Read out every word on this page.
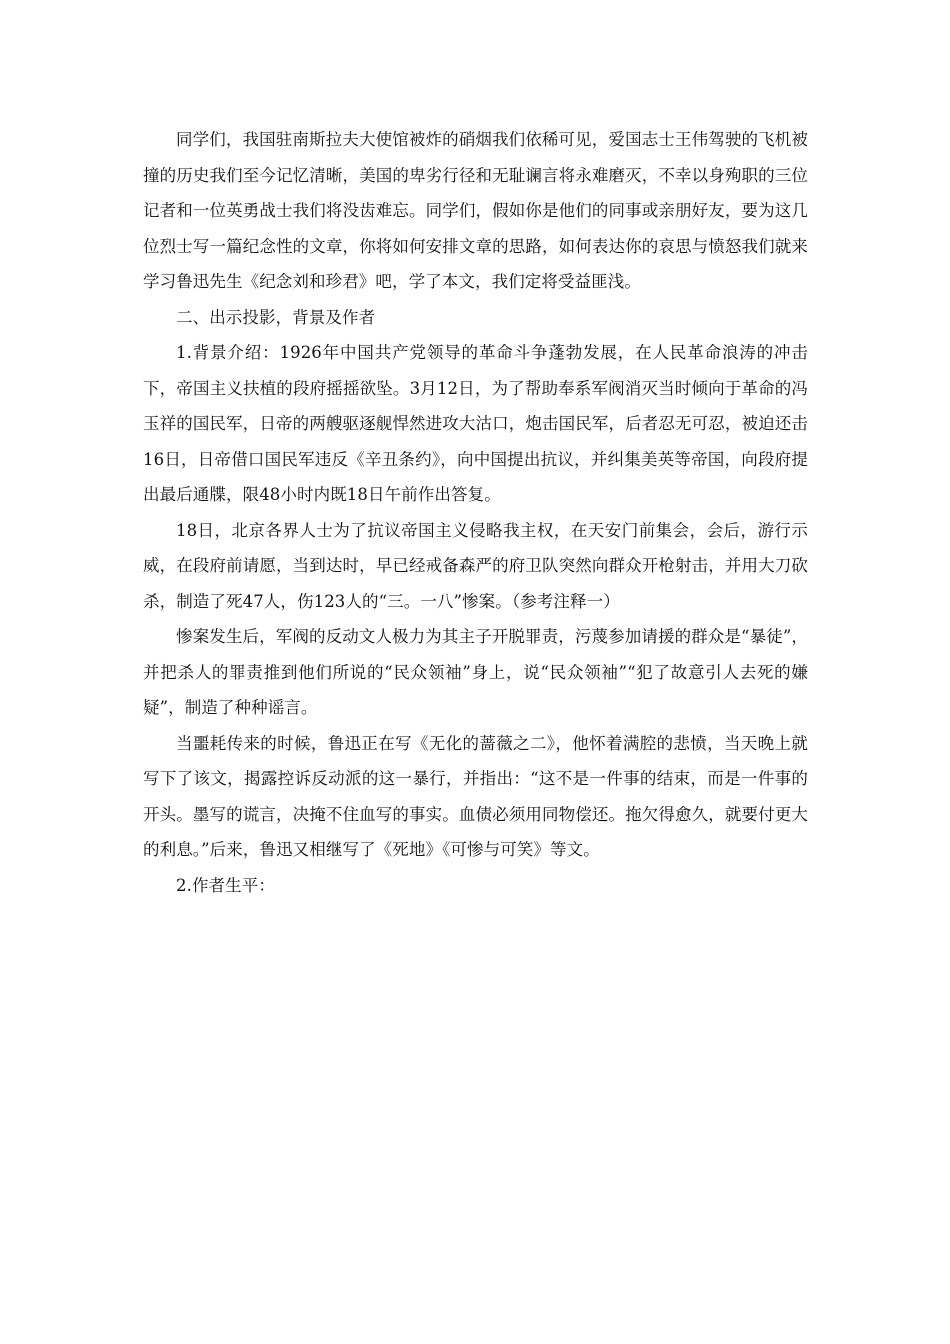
同学们，我国驻南斯拉夫大使馆被炸的硝烟我们依稀可见，爱国志士王伟驾驶的飞机被撞的历史我们至今记忆清晰，美国的卑劣行径和无耻谰言将永难磨灭，不幸以身殉职的三位记者和一位英勇战士我们将没齿难忘。同学们，假如你是他们的同事或亲朋好友，要为这几位烈士写一篇纪念性的文章，你将如何安排文章的思路，如何表达你的哀思与愤怒我们就来学习鲁迅先生《纪念刘和珍君》吧，学了本文，我们定将受益匪浅。

二、出示投影，背景及作者

1.背景介绍：1926年中国共产党领导的革命斗争蓬勃发展，在人民革命浪涛的冲击下，帝国主义扶植的段府摇摇欲坠。3月12日，为了帮助奉系军阀消灭当时倾向于革命的冯玉祥的国民军，日帝的两艘驱逐舰悍然进攻大沽口，炮击国民军，后者忍无可忍，被迫还击16日，日帝借口国民军违反《辛丑条约》，向中国提出抗议，并纠集美英等帝国，向段府提出最后通牒，限48小时内既18日午前作出答复。

18日，北京各界人士为了抗议帝国主义侵略我主权，在天安门前集会，会后，游行示威，在段府前请愿，当到达时，早已经戒备森严的府卫队突然向群众开枪射击，并用大刀砍杀，制造了死47人，伤123人的“三。一八”惨案。（参考注释一）

惨案发生后，军阀的反动文人极力为其主子开脱罪责，污蔑参加请援的群众是“暴徒”，并把杀人的罪责推到他们所说的“民众领袖”身上，说“民众领袖”“犯了故意引人去死的嫌疑”，制造了种种谣言。

当噩耗传来的时候，鲁迅正在写《无化的蔷薇之二》，他怀着满腔的悲愤，当天晚上就写下了该文，揭露控诉反动派的这一暴行，并指出：“这不是一件事的结束，而是一件事的开头。墨写的谎言，决掩不住血写的事实。血债必须用同物偿还。拖欠得愈久，就要付更大的利息。”后来，鲁迅又相继写了《死地》《可惨与可笑》等文。

2.作者生平：
